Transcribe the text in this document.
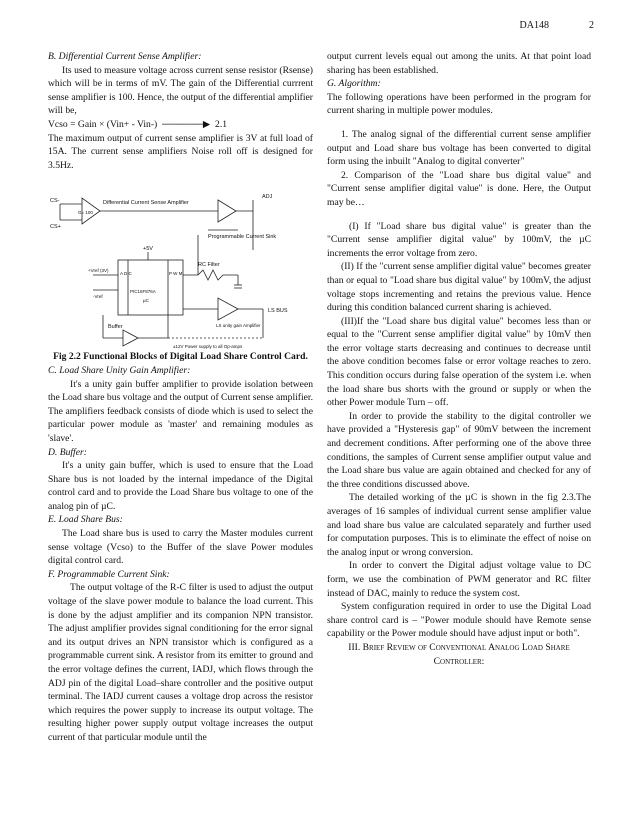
DA148	2

B. Differential Current Sense Amplifier:

Its used to measure voltage across current sense resistor (Rsense) which will be in terms of mV. The gain of the Differential currrent sense amplifier is 100. Hence, the output of the differential amplifier will be,

Vcso = Gain × (Vin+ - Vin-)  ──────▶  2.1

The maximum output of current sense amplifier is 3V at full load of 15A. The current sense amplifiers Noise roll off is designed for 3.5Hz.

CS-
CS+
G= 100
Differential Current Sense Amplifier
ADJ
Programmable Current Sink
+5V
RC Filter
A D C	P W M
PIC16F876A
µC
+Vref (3V)
-Vref
LS unity gain Amplifier
LS BUS
Buffer
±12V Power supply to all Op-amps

Fig 2.2 Functional Blocks of Digital Load Share Control Card.

C. Load Share Unity Gain Amplifier:

It's a unity gain buffer amplifier to provide isolation between the Load share bus voltage and the output of Current sense amplifier. The amplifiers feedback consists of diode which is used to select the particular power module as 'master' and remaining modules as 'slave'.

D. Buffer:

It's a unity gain buffer, which is used to ensure that the Load Share bus is not loaded by the internal impedance of the Digital control card and to provide the Load Share bus voltage to one of the analog pin of µC.

E. Load Share Bus:

The Load share bus is used to carry the Master modules current sense voltage (Vcso) to the Buffer of the slave Power modules digital control card.

F. Programmable Current Sink:

The output voltage of the R-C filter is used to adjust the output voltage of the slave power module to balance the load current. This is done by the adjust amplifier and its companion NPN transistor. The adjust amplifier provides signal conditioning for the error signal and its output drives an NPN transistor which is configured as a programmable current sink. A resistor from its emitter to ground and the error voltage defines the current, IADJ, which flows through the ADJ pin of the digital Load–share controller and the positive output terminal. The IADJ current causes a voltage drop across the resistor which requires the power supply to increase its output voltage. The resulting higher power supply output voltage increases the output current of that particular module until the

output current levels equal out among the units. At that point load sharing has been established.

G. Algorithm:

The following operations have been performed in the program for current sharing in multiple power modules.

1. The analog signal of the differential current sense amplifier output and Load share bus voltage has been converted to digital form using the inbuilt "Analog to digital converter"

2. Comparison of the "Load share bus digital value" and "Current sense amplifier digital value" is done. Here, the Output may be…

(I) If "Load share bus digital value" is greater than the "Current sense amplifier digital value" by 100mV, the µC increments the error voltage from zero.

(II) If the "current sense amplifier digital value" becomes greater than or equal to "Load share bus digital value" by 100mV, the adjust voltage stops incrementing and retains the previous value. Hence during this condition balanced current sharing is achieved.

(III)If the "Load share bus digital value" becomes less than or equal to the "Current sense amplifier digital value" by 10mV then the error voltage starts decreasing and continues to decrease until the above condition becomes false or error voltage reaches to zero. This condition occurs during false operation of the system i.e. when the load share bus shorts with the ground or supply or when the other Power module Turn – off.

In order to provide the stability to the digital controller we have provided a "Hysteresis gap" of 90mV between the increment and decrement conditions. After performing one of the above three conditions, the samples of Current sense amplifier output value and the Load share bus value are again obtained and checked for any of the three conditions discussed above.

The detailed working of the µC is shown in the fig 2.3.The averages of 16 samples of individual current sense amplifier value and load share bus value are calculated separately and further used for computation purposes. This is to eliminate the effect of noise on the analog input or wrong conversion.

In order to convert the Digital adjust voltage value to DC form, we use the combination of PWM generator and RC filter instead of DAC, mainly to reduce the system cost.

System configuration required in order to use the Digital Load share control card is – "Power module should have Remote sense capability or the Power module should have adjust input or both".

III. Brief Review of Conventional Analog Load Share Controller:
